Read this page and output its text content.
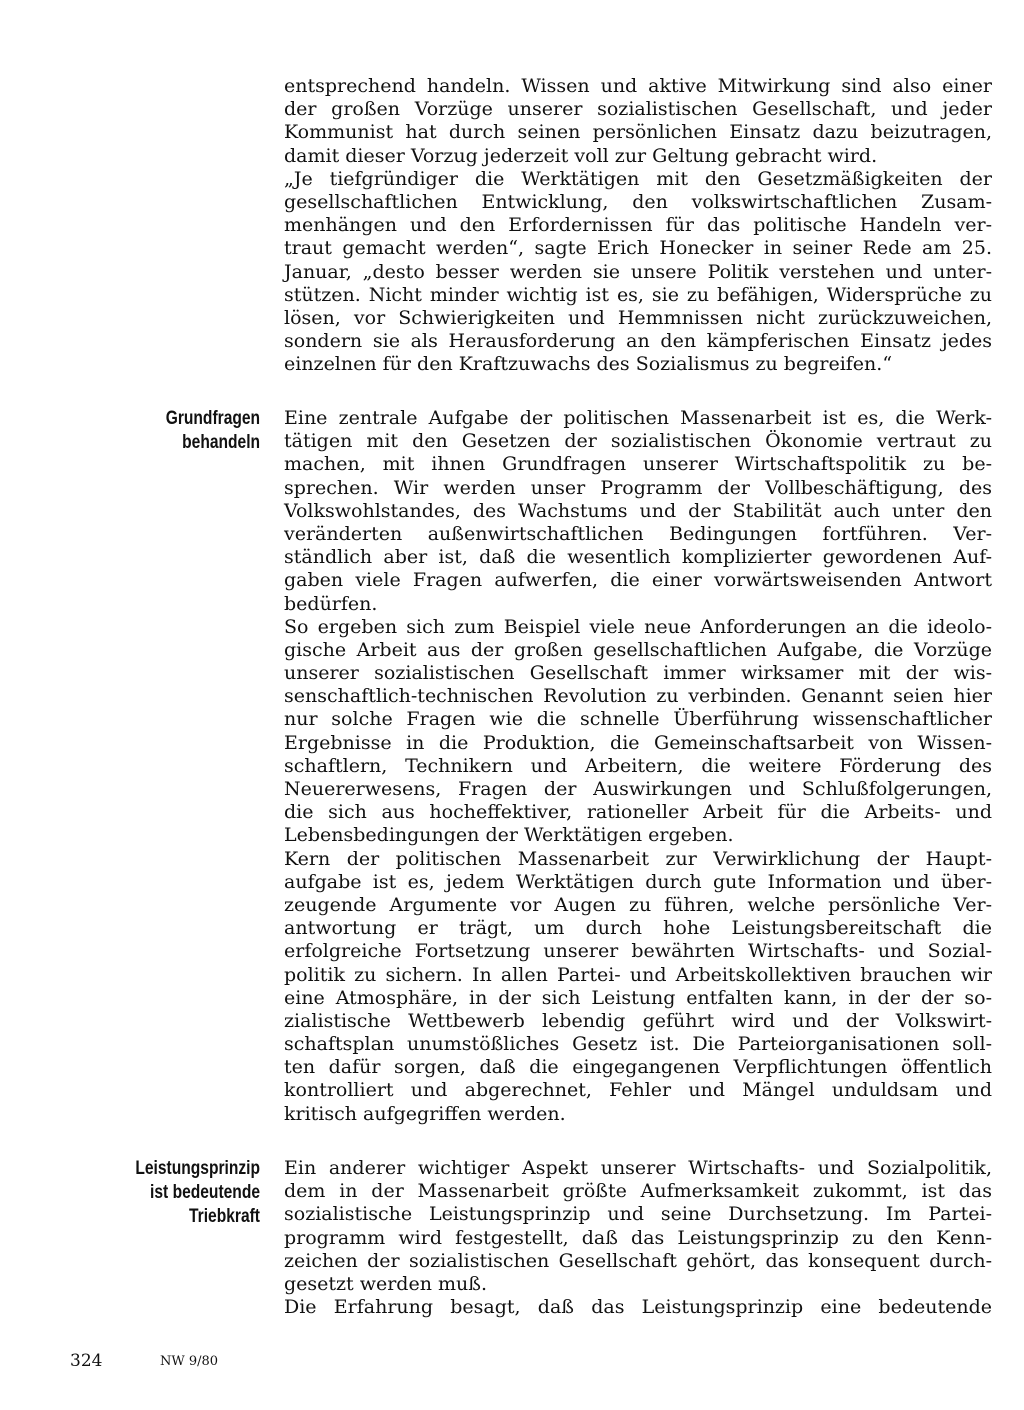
entsprechend handeln. Wissen und aktive Mitwirkung sind also einer
der großen Vorzüge unserer sozialistischen Gesellschaft, und jeder
Kommunist hat durch seinen persönlichen Einsatz dazu beizutragen,
damit dieser Vorzug jederzeit voll zur Geltung gebracht wird.
„Je tiefgründiger die Werktätigen mit den Gesetzmäßigkeiten der
gesellschaftlichen Entwicklung, den volkswirtschaftlichen Zusam-
menhängen und den Erfordernissen für das politische Handeln ver-
traut gemacht werden“, sagte Erich Honecker in seiner Rede am 25.
Januar, „desto besser werden sie unsere Politik verstehen und unter-
stützen. Nicht minder wichtig ist es, sie zu befähigen, Widersprüche zu
lösen, vor Schwierigkeiten und Hemmnissen nicht zurückzuweichen,
sondern sie als Herausforderung an den kämpferischen Einsatz jedes
einzelnen für den Kraftzuwachs des Sozialismus zu begreifen.“
Grundfragen
behandeln
Eine zentrale Aufgabe der politischen Massenarbeit ist es, die Werk-
tätigen mit den Gesetzen der sozialistischen Ökonomie vertraut zu
machen, mit ihnen Grundfragen unserer Wirtschaftspolitik zu be-
sprechen. Wir werden unser Programm der Vollbeschäftigung, des
Volkswohlstandes, des Wachstums und der Stabilität auch unter den
veränderten außenwirtschaftlichen Bedingungen fortführen. Ver-
ständlich aber ist, daß die wesentlich komplizierter gewordenen Auf-
gaben viele Fragen aufwerfen, die einer vorwärtsweisenden Antwort
bedürfen.
So ergeben sich zum Beispiel viele neue Anforderungen an die ideolo-
gische Arbeit aus der großen gesellschaftlichen Aufgabe, die Vorzüge
unserer sozialistischen Gesellschaft immer wirksamer mit der wis-
senschaftlich-technischen Revolution zu verbinden. Genannt seien hier
nur solche Fragen wie die schnelle Überführung wissenschaftlicher
Ergebnisse in die Produktion, die Gemeinschaftsarbeit von Wissen-
schaftlern, Technikern und Arbeitern, die weitere Förderung des
Neuererwesens, Fragen der Auswirkungen und Schlußfolgerungen,
die sich aus hocheffektiver, rationeller Arbeit für die Arbeits- und
Lebensbedingungen der Werktätigen ergeben.
Kern der politischen Massenarbeit zur Verwirklichung der Haupt-
aufgabe ist es, jedem Werktätigen durch gute Information und über-
zeugende Argumente vor Augen zu führen, welche persönliche Ver-
antwortung er trägt, um durch hohe Leistungsbereitschaft die
erfolgreiche Fortsetzung unserer bewährten Wirtschafts- und Sozial-
politik zu sichern. In allen Partei- und Arbeitskollektiven brauchen wir
eine Atmosphäre, in der sich Leistung entfalten kann, in der der so-
zialistische Wettbewerb lebendig geführt wird und der Volkswirt-
schaftsplan unumstößliches Gesetz ist. Die Parteiorganisationen soll-
ten dafür sorgen, daß die eingegangenen Verpflichtungen öffentlich
kontrolliert und abgerechnet, Fehler und Mängel unduldsam und
kritisch aufgegriffen werden.
Leistungsprinzip
ist bedeutende
Triebkraft
Ein anderer wichtiger Aspekt unserer Wirtschafts- und Sozialpolitik,
dem in der Massenarbeit größte Aufmerksamkeit zukommt, ist das
sozialistische Leistungsprinzip und seine Durchsetzung. Im Partei-
programm wird festgestellt, daß das Leistungsprinzip zu den Kenn-
zeichen der sozialistischen Gesellschaft gehört, das konsequent durch-
gesetzt werden muß.
Die Erfahrung besagt, daß das Leistungsprinzip eine bedeutende
324	NW 9/80
